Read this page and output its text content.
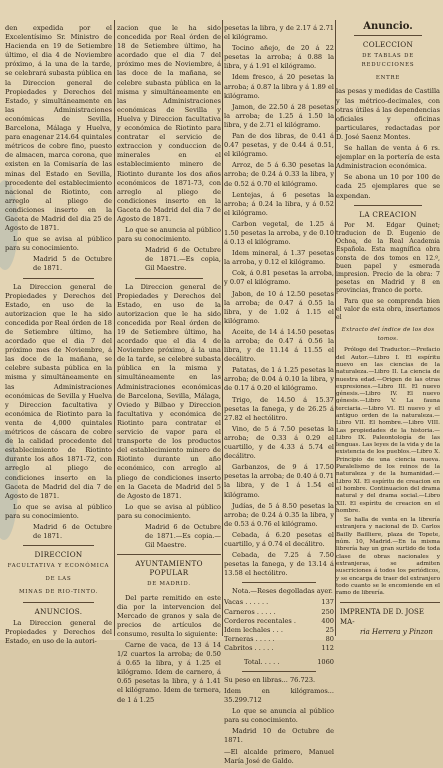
den expedida por el Excelentísimo Sr. Ministro de Hacienda en 19 de Setiembre último, el dia 4 de Noviembre próximo, á la una de la tarde, se celebrará subasta pública en la Direccion general de Propiedades y Derechos del Estado, y simultáneamente en las Administraciones económicas de Sevilla, Barcelona, Málaga y Huelva, para enagenar 214.64 quintales métricos de cobre fino, puesto de almacen, marca corona, que existen en la Comisaría de las minas del Estado en Sevilla, procedente del establecimiento nacional de Riotinto, con arreglo al pliego de condiciones inserto en la Gaceta de Madrid del dia 25 de Agosto de 1871.

Lo que se avisa al público para su conocimiento.

Madrid 5 de Octubre de 1871.

La Direccion general de Propiedades y Derechos del Estado, en uso de la autorizacion que le ha sido concedida por Real órden de 18 de Setiembre último, ha acordado que el dia 7 del próximo mes de Noviembre, á las doce de la mañana, se celebre subasta pública en la misma y simultáneamente en las Administraciones económicas de Sevilla y Huelva y Direccion facultativa y económica de Riotinto para la venta de 4,000 quintales métricos de cáscara de cobre de la calidad procedente del establecimiento de Riotinto durante los años 1871-72, con arreglo al pliego de condiciones inserto en la Gaceta de Madrid del dia 7 de Agosto de 1871.

Lo que se avisa al público para su conocimiento.

Madrid 6 de Octubre de 1871.

DIRECCION
FACULTATIVA Y ECONÓMICA
DE LAS
MINAS DE RIO-TINTO.
ANUNCIOS.

La Direccion general de Propiedades y Derechos del Estado, en uso de la autori-

zacion que le ha sido concedida por Real órden de 18 de Setiembre último, ha acordado que el dia 7 del próximo mes de Noviembre, á las doce de la mañana, se celebre subasta pública en la misma y simultáneamente en las Administraciones económicas de Sevilla y Huelva y Direccion facultativa y económica de Riotinto para contratar el servicio de extraccion y conduccion de minerales en el establecimiento minero de Riotinto durante los dos años económicos de 1871-73, con arreglo al pliego de condiciones inserto en la Gaceta de Madrid del dia 7 de Agosto de 1871.

Lo que se anuncia al público para su conocimiento.

Madrid 6 de Octubre de 1871.—Es copia, Gil Maestre.

La Direccion general de Propiedades y Derechos del Estado, en uso de la autorizacion que le ha sido concedida por Real órden de 19 de Setiembre último, ha acordado que el dia 4 de Noviembre próximo, á la una de la tarde, se celebre subasta pública en la misma y simultáneamente en las Administraciones económicas de Barcelona, Sevilla, Málaga, Oviedo y Bilbao y Direccion facultativa y económica de Riotinto para contratar el servicio de vapor para el transporte de los productos del establecimiento minero de Riotinto durante un año económico, con arreglo al pliego de condiciones inserto en la Gaceta de Madrid del 5 de Agosto de 1871.

Lo que se avisa al público para su conocimiento.

Madrid 6 de Octubre de 1871.—Es copia.—Gil Maestre.

AYUNTAMIENTO POPULAR
DE MADRID.

Del parte remitido en este dia por la intervencion del Mercado de granos y sala de precios de artículos de consumo, resulta lo siguiente:

Carne de vaca, de 13 á 14 1/2 cuartos la arroba; de 0.50 á 0.65 la libra, y á 1.25 el kilógramo. Idem de carnero, á 0.65 pesetas la libra, y á 1.41 el kilógramo. Idem de ternera, de 1 á 1.25

pesetas la libra, y de 2.17 á 2.71 el kilógramo.

Tocino añejo, de 20 á 22 pesetas la arroba; á 0.88 la libra, y á 1.91 el kilógramo.

Idem fresco, á 20 pesetas la arroba; á 0.87 la libra y á 1.89 el kilógramo.

Jamon, de 22.50 á 28 pesetas la arroba; de 1.25 á 1.50 la libra, y de 2.71 el kilógramo.

Pan de dos libras, de 0.41 á 0.47 pesetas, y de 0.44 á 0.51, el kilógramo.

Arroz, de 5 á 6.30 pesetas la arroba; de 0.24 á 0.33 la libra, y de 0.52 á 0.70 el kilógramo.

Lentejas, á 6 pesetas la arroba; á 0.24 la libra, y á 0.52 el kilógramo.

Carbon vegetal, de 1.25 á 1.50 pesetas la arroba, y de 0.10 á 0.13 el kilógramo.

Idem mineral, á 1.37 pesetas la arroba, y 0.12 el kilógramo.

Cok, á 0.81 pesetas la arroba, y 0.07 el kilógramo.

Jabon, de 10 á 12.50 pesetas la arroba; de 0.47 á 0.55 la libra, y de 1.02 á 1.15 el kilógramo.

Aceite, de 14 á 14.50 pesetas la arroba; de 0.47 á 0.56 la libra, y de 11.14 á 11.55 el decálitro.

Patatas, de 1 á 1.25 pesetas la arroba; de 0.04 á 0.10 la libra, y de 0.17 á 0.20 el kilógramo.

Trigo, de 14.50 á 15.37 pesetas la fanega, y de 26.25 á 27.82 el hectólitro.

Vino, de 5 á 7.50 pesetas la arroba; de 0.33 á 0.29 el cuartillo, y de 4.33 á 5.74 el decálitro.

Garbanzos, de 9 á 17.50 pesetas la arroba; de 0.40 á 0.71 la libra, y de 1 á 1.54 el kilógramo.

Judías, de 5 á 8.50 pesetas la arroba; de 0.24 á 0.35 la libra, y de 0.53 á 0.76 el kilógramo.

Cebada, á 6.20 pesetas el cuartillo, y á 0.74 el decálitro.

Cebada, de 7.25 á 7.50 pesetas la fanega, y de 13.14 á 13.58 el hectólitro.

Nota.—Reses degolladas ayer.

Vacas . . . . . .	137
Carneros . . . . .	250
Corderos recentales .	400
Idem lechales . . .	25
Terneras . . . . .	80
Cabritos . . . . .	112
Total. . . . .	1060

Su peso en libras... 76.723.

Idem en kilógramos... 35.299.712

Lo que se anuncia al público para su conocimiento.

Madrid 10 de Octubre de 1871.

—El alcalde primero, Manuel María José de Galdo.

Anuncio.
COLECCION
DE TABLAS DE REDUCCIONES
ENTRE

las pesas y medidas de Castilla y las métrico-decimales, con otras útiles á las dependencias oficiales y oficinas particulares, redactadas por D. José Saenz Montes.

Se hallan de venta á 6 rs. ejemplar en la portería de esta Administracion económica.

Se abona un 10 por 100 de cada 25 ejemplares que se expendan.

LA CREACION

Por M. Edgar Quinet; traducion de D. Eugenio de Ochoa, de la Real Academia Española. Esta magnífica obra consta de dos tomos en 12.º, buen papel y esmerada impresion. Precio de la obra: 7 pesetas en Madrid y 8 en provincias, franco de porte.

Para que se comprenda bien el valor de esta obra, insertamos el

Extracto del índice de los dos tomos.

Prólogo del Traductor.—Prefacio del Autor.—Libro I. El espíritu nuevo en las ciencias de la naturaleza.—Libro II. La ciencia de nuestra edad.—Origen de las otras expresiones.—Libro III. El nuevo génesis.—Libro IV. El nuevo génesis.—Libro V. La fauna terciaria.—Libro VI. El nuevo y el antiguo orden de la naturaleza.—Libro VII. El hombre.—Libro VIII. Las propiedades de la historia.—Libro IX. Paleontología de las lenguas. Las leyes de la vida y de la existencia de los pueblos.—Libro X. Principio de una ciencia nueva. Paralelismo de los reinos de la naturaleza y de la humanidad.—Libro XI. El espíritu de creacion en el hombre. Continuacion del drama natural y del drama social.—Libro XII. El espíritu de creacion en el hombre.

Se halla de venta en la librería extranjera y nacional de D. Carlos Bailly Bailliere, plaza de Topete, núm. 10, Madrid.—En la misma librería hay un gran surtido de toda clase de obras nacionales y extranjeras, se admiten suscriciones á todos los periódicos, y se encarga de traer del extranjero todo cuanto se le encomiende en el ramo de librería.

IMPRENTA DE D. JOSE MA-
ria Herrera y Pinzon
